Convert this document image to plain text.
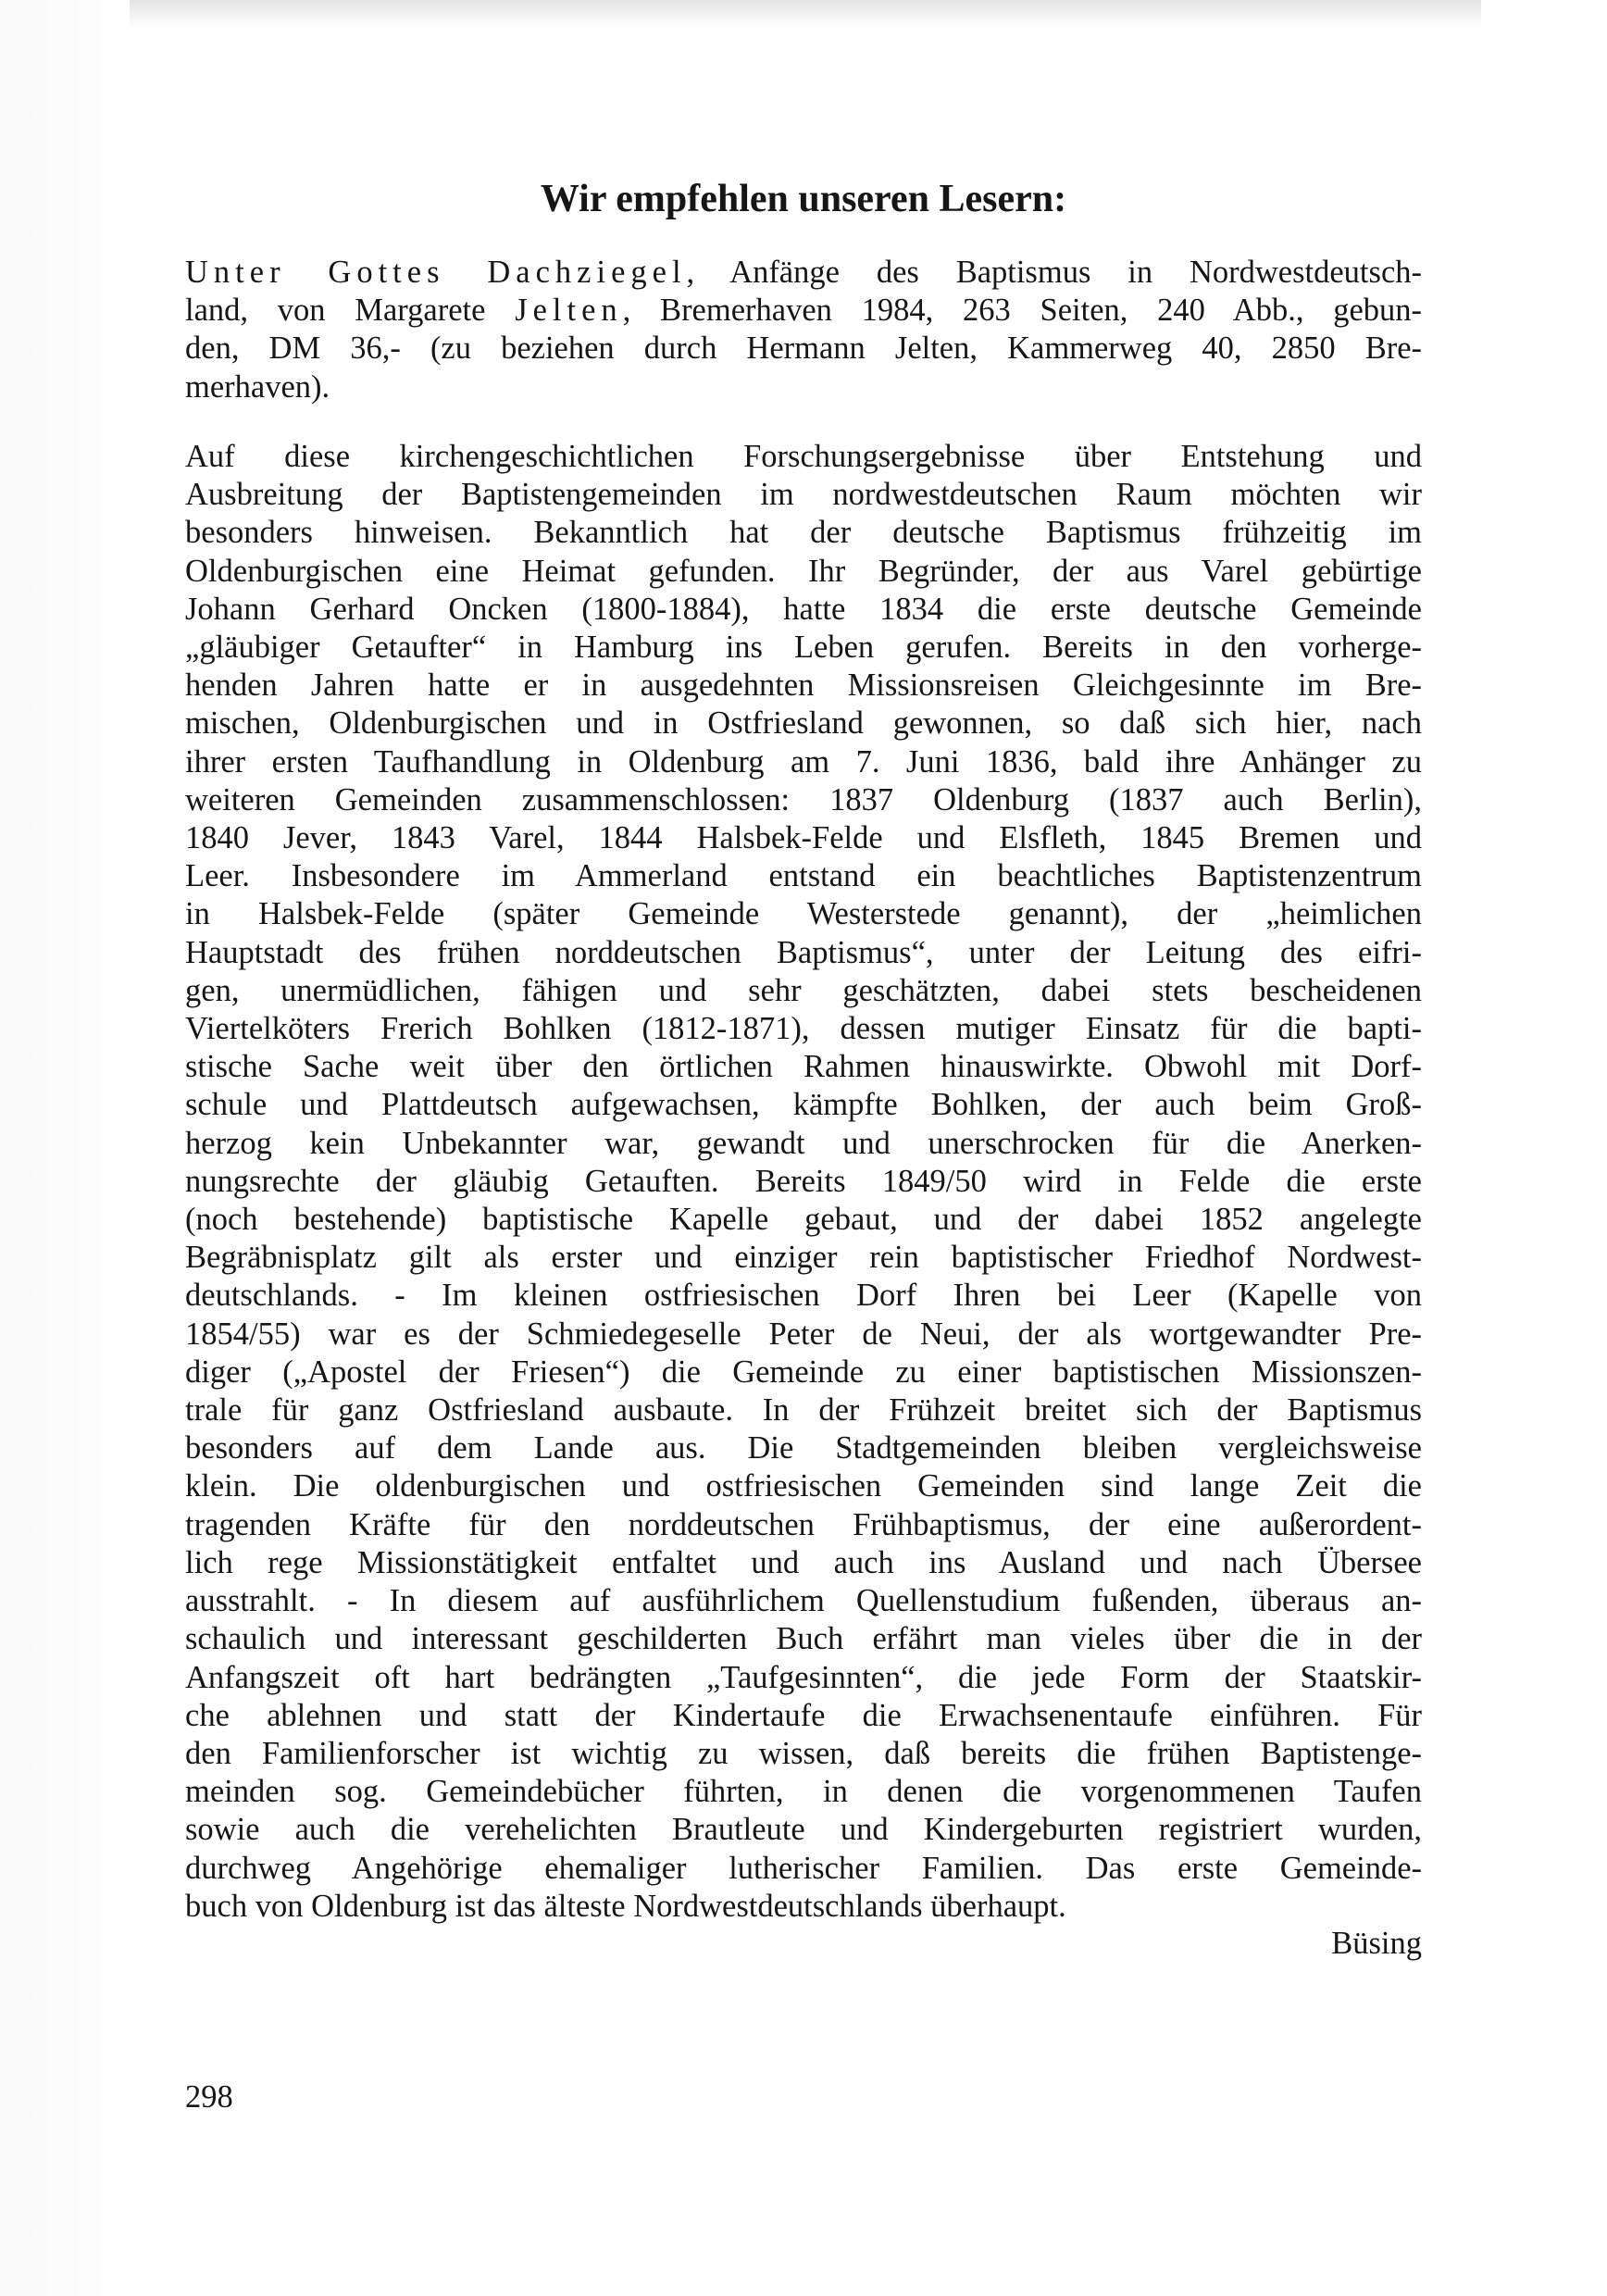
Wir empfehlen unseren Lesern:
Unter Gottes Dachziegel, Anfänge des Baptismus in Nordwestdeutsch-
land, von Margarete Jelten, Bremerhaven 1984, 263 Seiten, 240 Abb., gebun-
den, DM 36,- (zu beziehen durch Hermann Jelten, Kammerweg 40, 2850 Bre-
merhaven).
Auf diese kirchengeschichtlichen Forschungsergebnisse über Entstehung und
Ausbreitung der Baptistengemeinden im nordwestdeutschen Raum möchten wir
besonders hinweisen. Bekanntlich hat der deutsche Baptismus frühzeitig im
Oldenburgischen eine Heimat gefunden. Ihr Begründer, der aus Varel gebürtige
Johann Gerhard Oncken (1800-1884), hatte 1834 die erste deutsche Gemeinde
„gläubiger Getaufter“ in Hamburg ins Leben gerufen. Bereits in den vorherge-
henden Jahren hatte er in ausgedehnten Missionsreisen Gleichgesinnte im Bre-
mischen, Oldenburgischen und in Ostfriesland gewonnen, so daß sich hier, nach
ihrer ersten Taufhandlung in Oldenburg am 7. Juni 1836, bald ihre Anhänger zu
weiteren Gemeinden zusammenschlossen: 1837 Oldenburg (1837 auch Berlin),
1840 Jever, 1843 Varel, 1844 Halsbek-Felde und Elsfleth, 1845 Bremen und
Leer. Insbesondere im Ammerland entstand ein beachtliches Baptistenzentrum
in Halsbek-Felde (später Gemeinde Westerstede genannt), der „heimlichen
Hauptstadt des frühen norddeutschen Baptismus“, unter der Leitung des eifri-
gen, unermüdlichen, fähigen und sehr geschätzten, dabei stets bescheidenen
Viertelköters Frerich Bohlken (1812-1871), dessen mutiger Einsatz für die bapti-
stische Sache weit über den örtlichen Rahmen hinauswirkte. Obwohl mit Dorf-
schule und Plattdeutsch aufgewachsen, kämpfte Bohlken, der auch beim Groß-
herzog kein Unbekannter war, gewandt und unerschrocken für die Anerken-
nungsrechte der gläubig Getauften. Bereits 1849/50 wird in Felde die erste
(noch bestehende) baptistische Kapelle gebaut, und der dabei 1852 angelegte
Begräbnisplatz gilt als erster und einziger rein baptistischer Friedhof Nordwest-
deutschlands. - Im kleinen ostfriesischen Dorf Ihren bei Leer (Kapelle von
1854/55) war es der Schmiedegeselle Peter de Neui, der als wortgewandter Pre-
diger („Apostel der Friesen“) die Gemeinde zu einer baptistischen Missionszen-
trale für ganz Ostfriesland ausbaute. In der Frühzeit breitet sich der Baptismus
besonders auf dem Lande aus. Die Stadtgemeinden bleiben vergleichsweise
klein. Die oldenburgischen und ostfriesischen Gemeinden sind lange Zeit die
tragenden Kräfte für den norddeutschen Frühbaptismus, der eine außerordent-
lich rege Missionstätigkeit entfaltet und auch ins Ausland und nach Übersee
ausstrahlt. - In diesem auf ausführlichem Quellenstudium fußenden, überaus an-
schaulich und interessant geschilderten Buch erfährt man vieles über die in der
Anfangszeit oft hart bedrängten „Taufgesinnten“, die jede Form der Staatskir-
che ablehnen und statt der Kindertaufe die Erwachsenentaufe einführen. Für
den Familienforscher ist wichtig zu wissen, daß bereits die frühen Baptistenge-
meinden sog. Gemeindebücher führten, in denen die vorgenommenen Taufen
sowie auch die verehelichten Brautleute und Kindergeburten registriert wurden,
durchweg Angehörige ehemaliger lutherischer Familien. Das erste Gemeinde-
buch von Oldenburg ist das älteste Nordwestdeutschlands überhaupt.

Büsing

298
